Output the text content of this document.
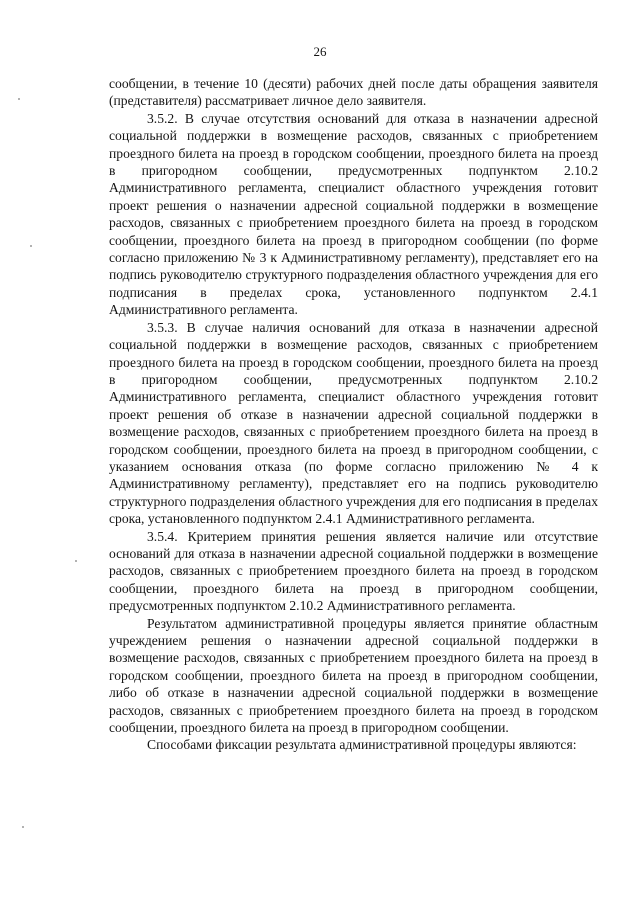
26

сообщении, в течение 10 (десяти) рабочих дней после даты обращения заявителя (представителя) рассматривает личное дело заявителя.

3.5.2. В случае отсутствия оснований для отказа в назначении адресной социальной поддержки в возмещение расходов, связанных с приобретением проездного билета на проезд в городском сообщении, проездного билета на проезд в пригородном сообщении, предусмотренных подпунктом 2.10.2 Административного регламента, специалист областного учреждения готовит проект решения о назначении адресной социальной поддержки в возмещение расходов, связанных с приобретением проездного билета на проезд в городском сообщении, проездного билета на проезд в пригородном сообщении (по форме согласно приложению № 3 к Административному регламенту), представляет его на подпись руководителю структурного подразделения областного учреждения для его подписания в пределах срока, установленного подпунктом 2.4.1 Административного регламента.

3.5.3. В случае наличия оснований для отказа в назначении адресной социальной поддержки в возмещение расходов, связанных с приобретением проездного билета на проезд в городском сообщении, проездного билета на проезд в пригородном сообщении, предусмотренных подпунктом 2.10.2 Административного регламента, специалист областного учреждения готовит проект решения об отказе в назначении адресной социальной поддержки в возмещение расходов, связанных с приобретением проездного билета на проезд в городском сообщении, проездного билета на проезд в пригородном сообщении, с указанием основания отказа (по форме согласно приложению № 4 к Административному регламенту), представляет его на подпись руководителю структурного подразделения областного учреждения для его подписания в пределах срока, установленного подпунктом 2.4.1 Административного регламента.

3.5.4. Критерием принятия решения является наличие или отсутствие оснований для отказа в назначении адресной социальной поддержки в возмещение расходов, связанных с приобретением проездного билета на проезд в городском сообщении, проездного билета на проезд в пригородном сообщении, предусмотренных подпунктом 2.10.2 Административного регламента.

Результатом административной процедуры является принятие областным учреждением решения о назначении адресной социальной поддержки в возмещение расходов, связанных с приобретением проездного билета на проезд в городском сообщении, проездного билета на проезд в пригородном сообщении, либо об отказе в назначении адресной социальной поддержки в возмещение расходов, связанных с приобретением проездного билета на проезд в городском сообщении, проездного билета на проезд в пригородном сообщении.

Способами фиксации результата административной процедуры являются:
